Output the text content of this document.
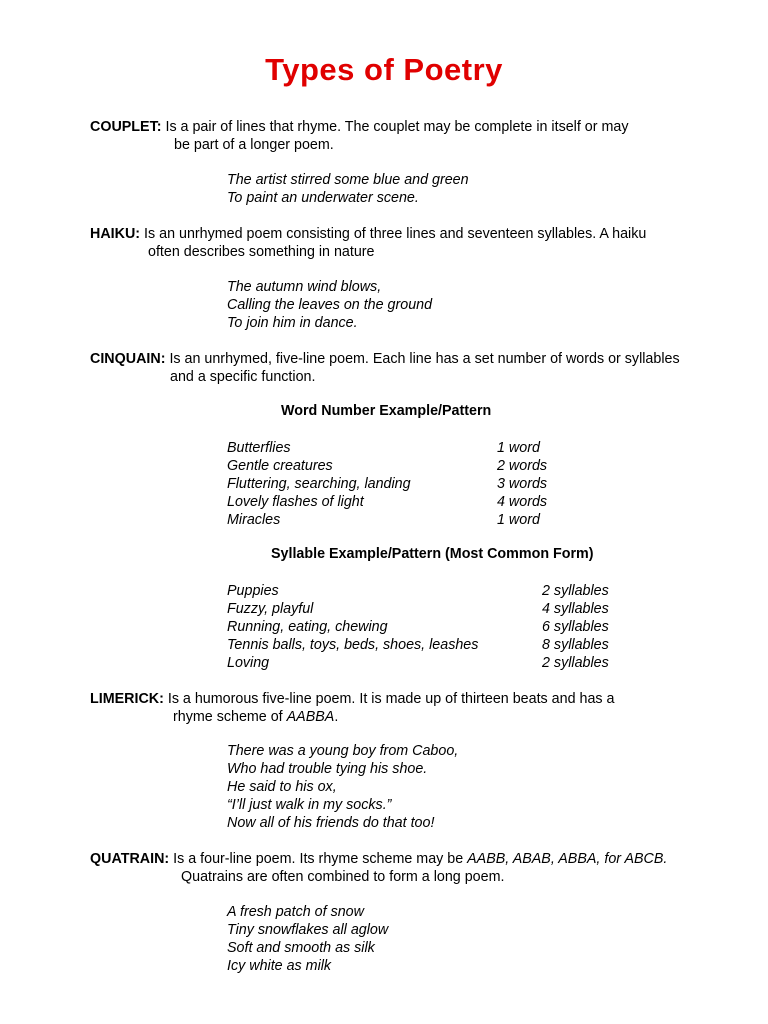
Types of Poetry
COUPLET: Is a pair of lines that rhyme. The couplet may be complete in itself or may
be part of a longer poem.
The artist stirred some blue and green
To paint an underwater scene.
HAIKU: Is an unrhymed poem consisting of three lines and seventeen syllables. A haiku
often describes something in nature
The autumn wind blows,
Calling the leaves on the ground
To join him in dance.
CINQUAIN: Is an unrhymed, five-line poem. Each line has a set number of words or syllables
and a specific function.
Word Number Example/Pattern
Butterflies	1 word
Gentle creatures	2 words
Fluttering, searching, landing	3 words
Lovely flashes of light	4 words
Miracles	1 word
Syllable Example/Pattern (Most Common Form)
Puppies	2 syllables
Fuzzy, playful	4 syllables
Running, eating, chewing	6 syllables
Tennis balls, toys, beds, shoes, leashes	8 syllables
Loving	2 syllables
LIMERICK: Is a humorous five-line poem. It is made up of thirteen beats and has a
rhyme scheme of AABBA.
There was a young boy from Caboo,
Who had trouble tying his shoe.
He said to his ox,
“I’ll just walk in my socks.”
Now all of his friends do that too!
QUATRAIN: Is a four-line poem. Its rhyme scheme may be AABB, ABAB, ABBA, for ABCB.
Quatrains are often combined to form a long poem.
A fresh patch of snow
Tiny snowflakes all aglow
Soft and smooth as silk
Icy white as milk
